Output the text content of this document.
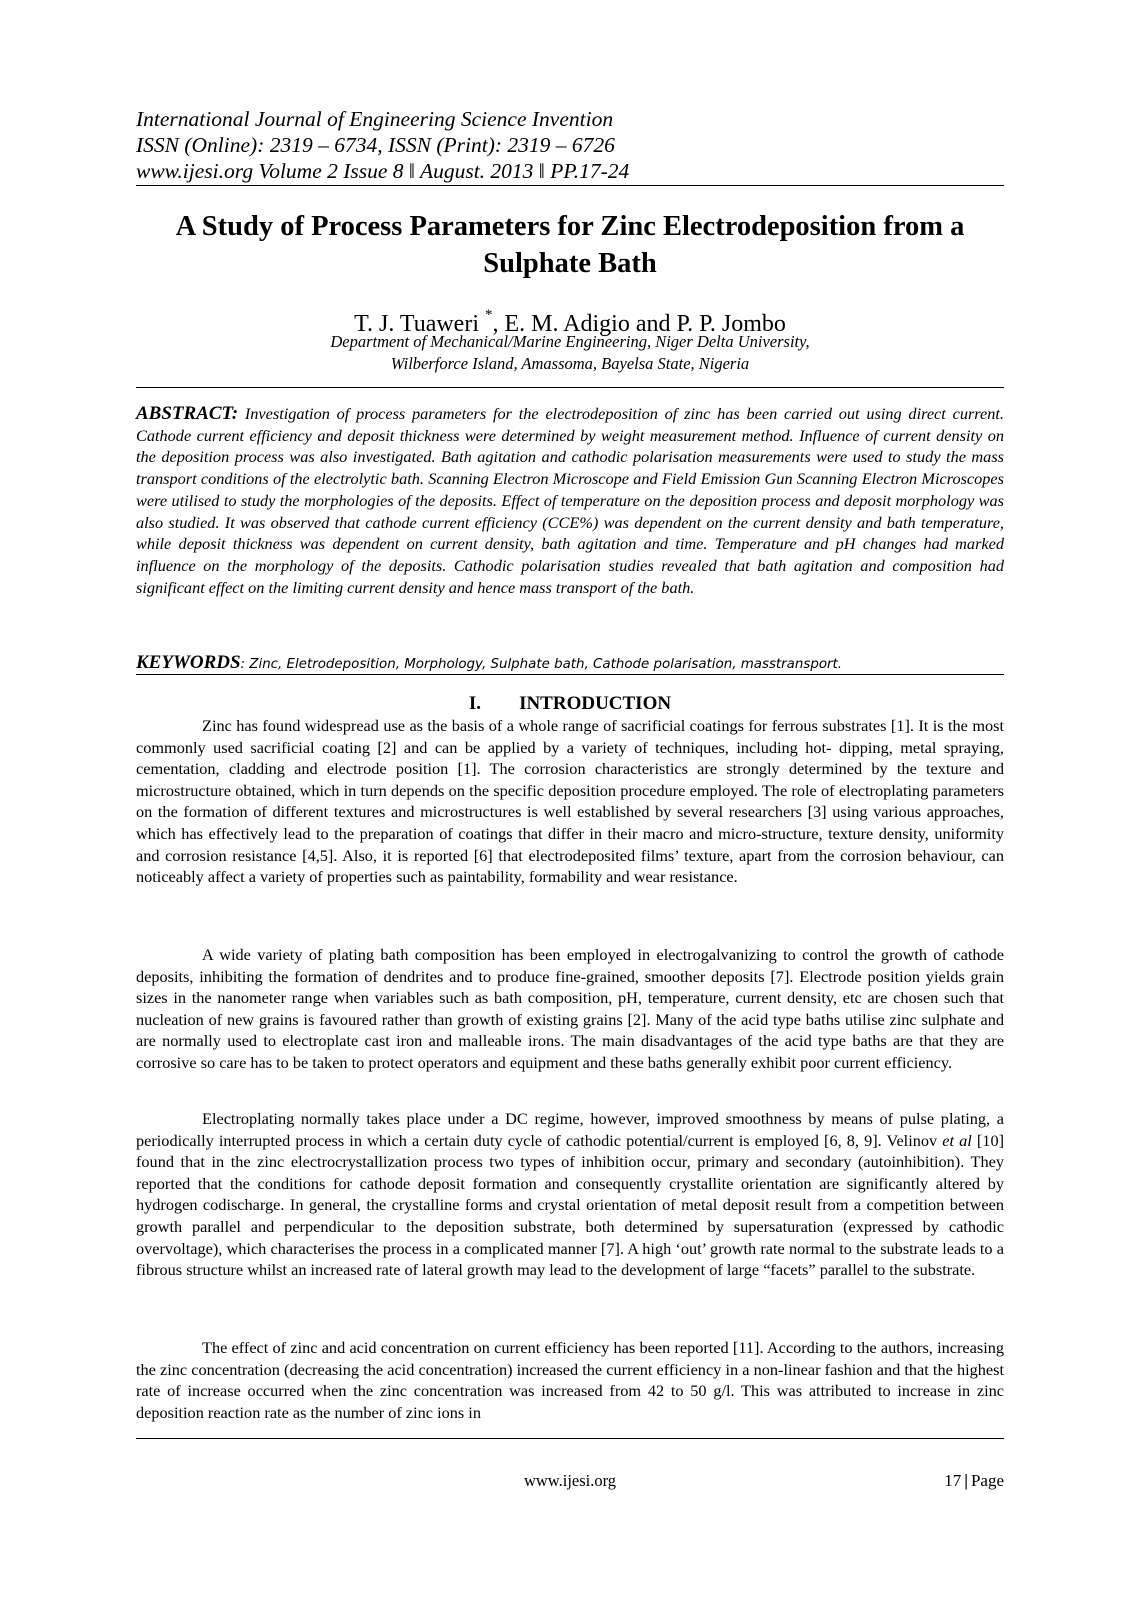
International Journal of Engineering Science Invention
ISSN (Online): 2319 – 6734, ISSN (Print): 2319 – 6726
www.ijesi.org Volume 2 Issue 8 ǁ August. 2013 ǁ PP.17-24
A Study of Process Parameters for Zinc Electrodeposition from a Sulphate Bath
T. J. Tuaweri *, E. M. Adigio and P. P. Jombo
Department of Mechanical/Marine Engineering, Niger Delta University,
Wilberforce Island, Amassoma, Bayelsa State, Nigeria
ABSTRACT: Investigation of process parameters for the electrodeposition of zinc has been carried out using direct current. Cathode current efficiency and deposit thickness were determined by weight measurement method. Influence of current density on the deposition process was also investigated. Bath agitation and cathodic polarisation measurements were used to study the mass transport conditions of the electrolytic bath. Scanning Electron Microscope and Field Emission Gun Scanning Electron Microscopes were utilised to study the morphologies of the deposits. Effect of temperature on the deposition process and deposit morphology was also studied. It was observed that cathode current efficiency (CCE%) was dependent on the current density and bath temperature, while deposit thickness was dependent on current density, bath agitation and time. Temperature and pH changes had marked influence on the morphology of the deposits. Cathodic polarisation studies revealed that bath agitation and composition had significant effect on the limiting current density and hence mass transport of the bath.
KEYWORDS: Zinc, Eletrodeposition, Morphology, Sulphate bath, Cathode polarisation, masstransport.
I. INTRODUCTION

Zinc has found widespread use as the basis of a whole range of sacrificial coatings for ferrous substrates [1]. It is the most commonly used sacrificial coating [2] and can be applied by a variety of techniques, including hot- dipping, metal spraying, cementation, cladding and electrode position [1]. The corrosion characteristics are strongly determined by the texture and microstructure obtained, which in turn depends on the specific deposition procedure employed. The role of electroplating parameters on the formation of different textures and microstructures is well established by several researchers [3] using various approaches, which has effectively lead to the preparation of coatings that differ in their macro and micro-structure, texture density, uniformity and corrosion resistance [4,5]. Also, it is reported [6] that electrodeposited films’ texture, apart from the corrosion behaviour, can noticeably affect a variety of properties such as paintability, formability and wear resistance.

A wide variety of plating bath composition has been employed in electrogalvanizing to control the growth of cathode deposits, inhibiting the formation of dendrites and to produce fine-grained, smoother deposits [7]. Electrode position yields grain sizes in the nanometer range when variables such as bath composition, pH, temperature, current density, etc are chosen such that nucleation of new grains is favoured rather than growth of existing grains [2]. Many of the acid type baths utilise zinc sulphate and are normally used to electroplate cast iron and malleable irons. The main disadvantages of the acid type baths are that they are corrosive so care has to be taken to protect operators and equipment and these baths generally exhibit poor current efficiency.

Electroplating normally takes place under a DC regime, however, improved smoothness by means of pulse plating, a periodically interrupted process in which a certain duty cycle of cathodic potential/current is employed [6, 8, 9]. Velinov et al [10] found that in the zinc electrocrystallization process two types of inhibition occur, primary and secondary (autoinhibition). They reported that the conditions for cathode deposit formation and consequently crystallite orientation are significantly altered by hydrogen codischarge. In general, the crystalline forms and crystal orientation of metal deposit result from a competition between growth parallel and perpendicular to the deposition substrate, both determined by supersaturation (expressed by cathodic overvoltage), which characterises the process in a complicated manner [7]. A high ‘out’ growth rate normal to the substrate leads to a fibrous structure whilst an increased rate of lateral growth may lead to the development of large “facets” parallel to the substrate.

The effect of zinc and acid concentration on current efficiency has been reported [11]. According to the authors, increasing the zinc concentration (decreasing the acid concentration) increased the current efficiency in a non-linear fashion and that the highest rate of increase occurred when the zinc concentration was increased from 42 to 50 g/l. This was attributed to increase in zinc deposition reaction rate as the number of zinc ions in

www.ijesi.org	17 | Page
